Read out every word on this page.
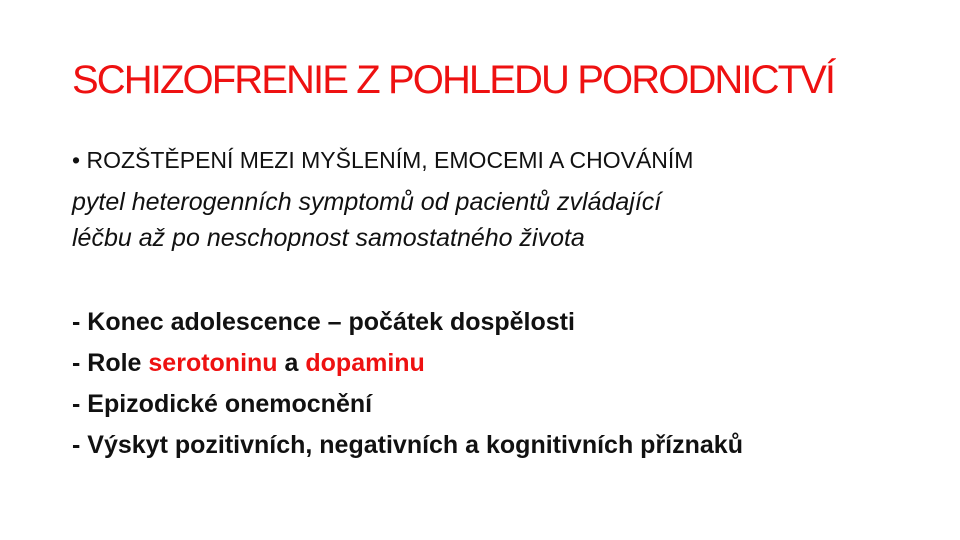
SCHIZOFRENIE Z POHLEDU PORODNICTVÍ
• ROZŠTĚPENÍ MEZI MYŠLENÍM, EMOCEMI A CHOVÁNÍM
pytel heterogenních symptomů od pacientů zvládající
léčbu až po neschopnost samostatného života
- Konec adolescence – počátek dospělosti
- Role serotoninu a dopaminu
- Epizodické onemocnění
- Výskyt pozitivních, negativních a kognitivních příznaků
